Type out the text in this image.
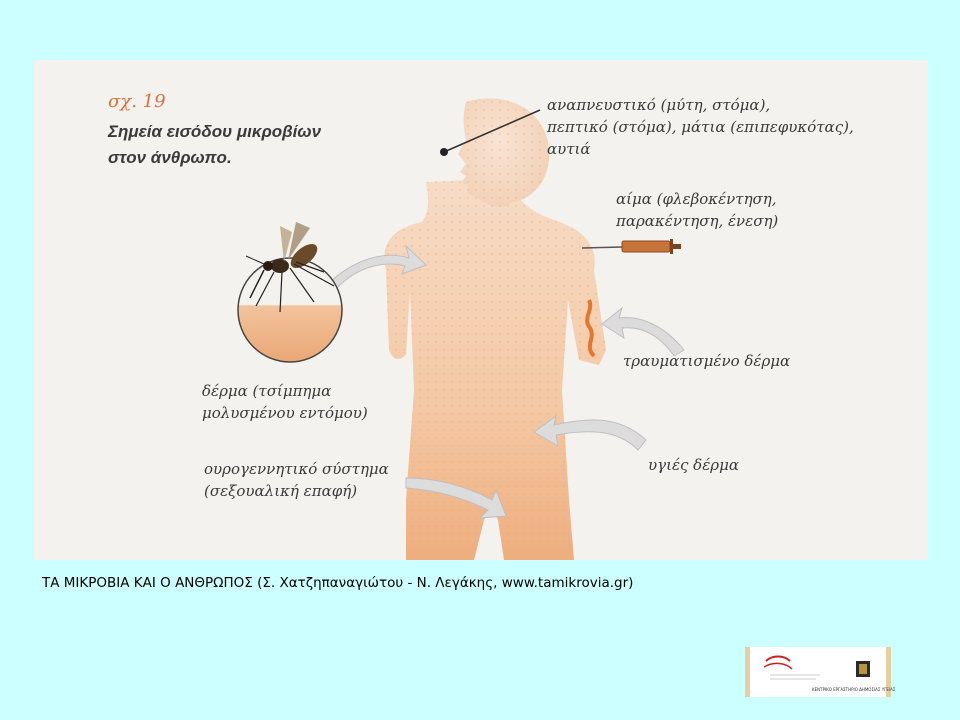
σχ. 19
Σημεία εισόδου μικροβίων
στον άνθρωπο.
αναπνευστικό (μύτη, στόμα),
πεπτικό (στόμα), μάτια (επιπεφυκότας),
αυτιά
αίμα (φλεβοκέντηση,
παρακέντηση, ένεση)
τραυματισμένο δέρμα
δέρμα (τσίμπημα
μολυσμένου εντόμου)
υγιές δέρμα
ουρογεννητικό σύστημα
(σεξουαλική επαφή)
ΤΑ ΜΙΚΡΟΒΙΑ ΚΑΙ Ο ΑΝΘΡΩΠΟΣ (Σ. Χατζηπαναγιώτου - Ν. Λεγάκης, www.tamikrovia.gr)
ΚΕΝΤΡΙΚΟ ΕΡΓΑΣΤΗΡΙΟ ΔΗΜΟΣΙΑΣ ΥΓΕΙΑΣ
